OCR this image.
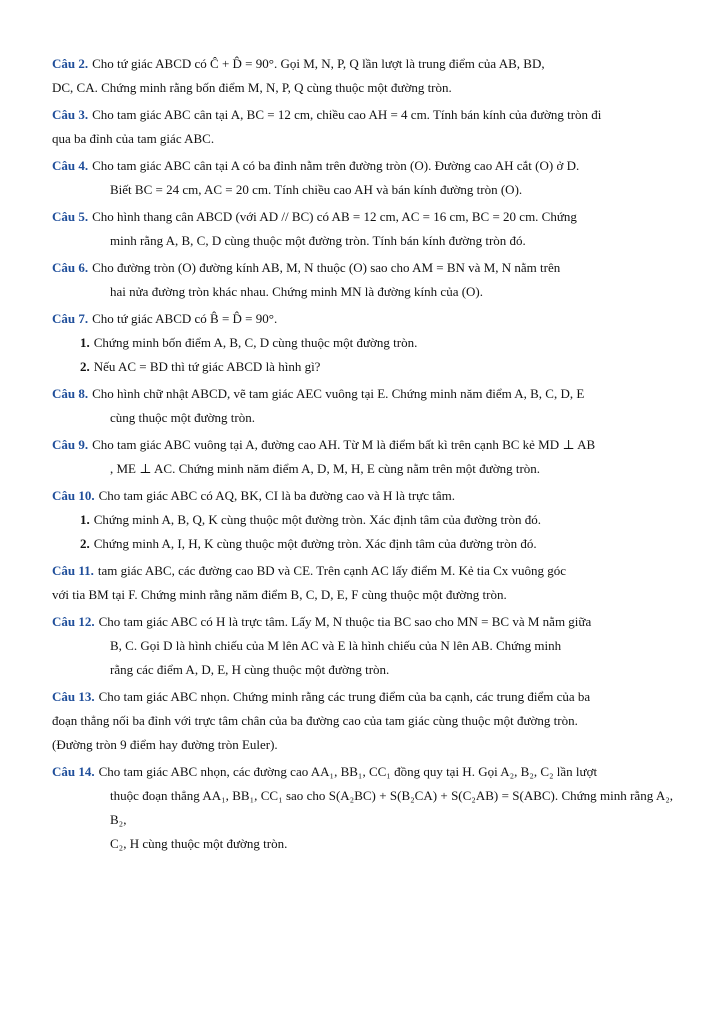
Câu 2. Cho tứ giác ABCD có Ĉ + D̂ = 90°. Gọi M, N, P, Q lần lượt là trung điểm của AB, BD,
DC, CA. Chứng minh rằng bốn điểm M, N, P, Q cùng thuộc một đường tròn.
Câu 3. Cho tam giác ABC cân tại A, BC = 12 cm, chiều cao AH = 4 cm. Tính bán kính của đường tròn đi
qua ba đỉnh của tam giác ABC.
Câu 4. Cho tam giác ABC cân tại A có ba đỉnh nằm trên đường tròn (O). Đường cao AH cắt (O) ở D.
Biết BC = 24 cm, AC = 20 cm. Tính chiều cao AH và bán kính đường tròn (O).
Câu 5. Cho hình thang cân ABCD (với AD // BC) có AB = 12 cm, AC = 16 cm, BC = 20 cm. Chứng
minh rằng A, B, C, D cùng thuộc một đường tròn. Tính bán kính đường tròn đó.
Câu 6. Cho đường tròn (O) đường kính AB, M, N thuộc (O) sao cho AM = BN và M, N nằm trên
hai nửa đường tròn khác nhau. Chứng minh MN là đường kính của (O).
Câu 7. Cho tứ giác ABCD có B̂ = D̂ = 90°.
1. Chứng minh bốn điểm A, B, C, D cùng thuộc một đường tròn.
2. Nếu AC = BD thì tứ giác ABCD là hình gì?
Câu 8. Cho hình chữ nhật ABCD, vẽ tam giác AEC vuông tại E. Chứng minh năm điểm A, B, C, D, E
cùng thuộc một đường tròn.
Câu 9. Cho tam giác ABC vuông tại A, đường cao AH. Từ M là điểm bất kì trên cạnh BC kẻ MD ⊥ AB
, ME ⊥ AC. Chứng minh năm điểm A, D, M, H, E cùng nằm trên một đường tròn.
Câu 10. Cho tam giác ABC có AQ, BK, CI là ba đường cao và H là trực tâm.
1. Chứng minh A, B, Q, K cùng thuộc một đường tròn. Xác định tâm của đường tròn đó.
2. Chứng minh A, I, H, K cùng thuộc một đường tròn. Xác định tâm của đường tròn đó.
Câu 11. tam giác ABC, các đường cao BD và CE. Trên cạnh AC lấy điểm M. Kẻ tia Cx vuông góc
với tia BM tại F. Chứng minh rằng năm điểm B, C, D, E, F cùng thuộc một đường tròn.
Câu 12. Cho tam giác ABC có H là trực tâm. Lấy M, N thuộc tia BC sao cho MN = BC và M nằm giữa
B, C. Gọi D là hình chiếu của M lên AC và E là hình chiếu của N lên AB. Chứng minh
rằng các điểm A, D, E, H cùng thuộc một đường tròn.
Câu 13. Cho tam giác ABC nhọn. Chứng minh rằng các trung điểm của ba cạnh, các trung điểm của ba
đoạn thẳng nối ba đỉnh với trực tâm chân của ba đường cao của tam giác cùng thuộc một đường tròn.
(Đường tròn 9 điểm hay đường tròn Euler).
Câu 14. Cho tam giác ABC nhọn, các đường cao AA₁, BB₁, CC₁ đồng quy tại H. Gọi A₂, B₂, C₂ lần lượt
thuộc đoạn thẳng AA₁, BB₁, CC₁ sao cho S(A₂BC) + S(B₂CA) + S(C₂AB) = S(ABC). Chứng minh rằng A₂, B₂,
C₂, H cùng thuộc một đường tròn.
